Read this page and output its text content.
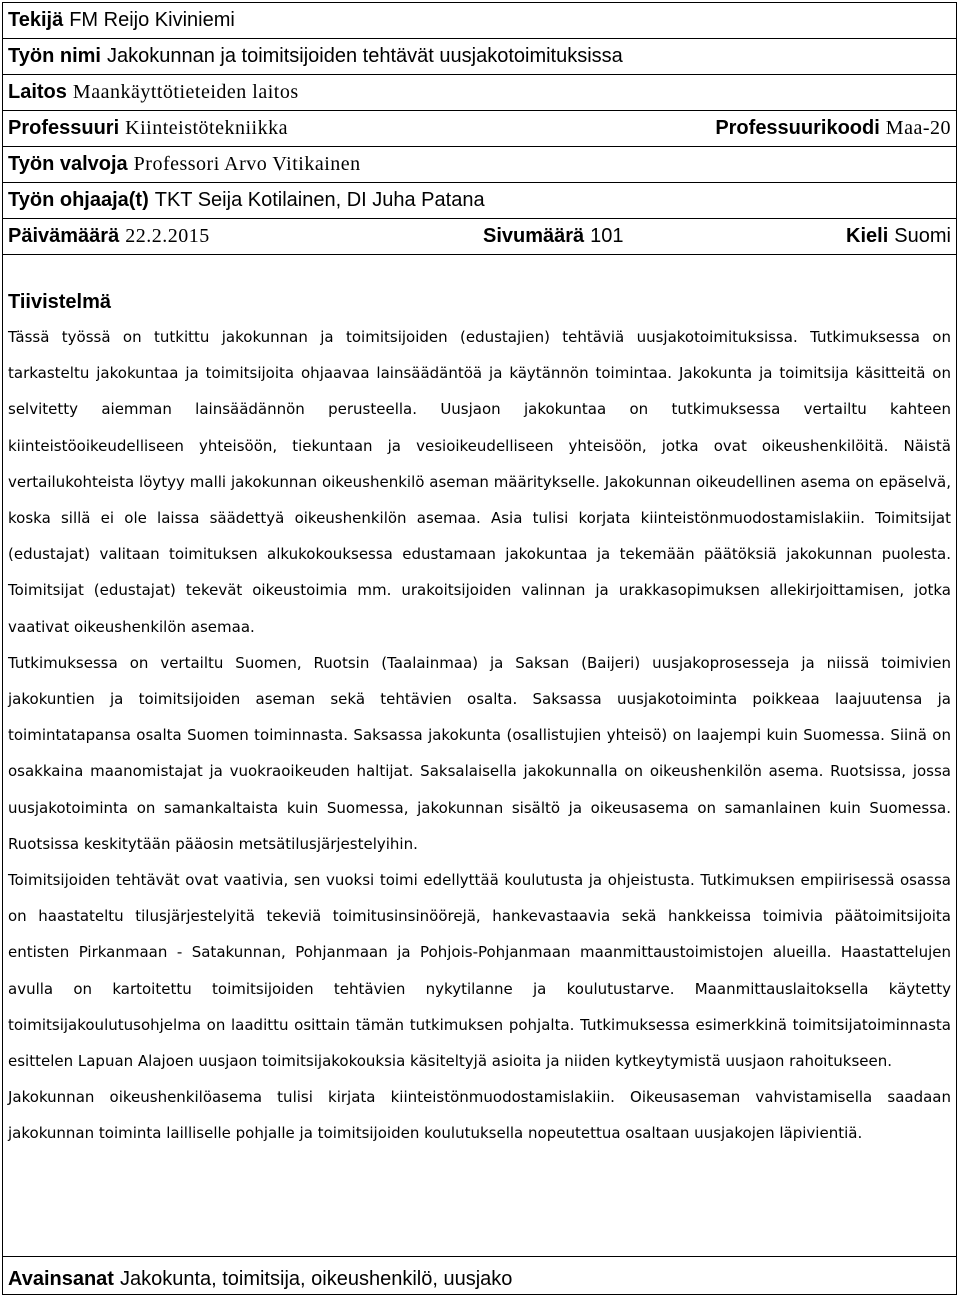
Tekijä FM Reijo Kiviniemi
Työn nimi Jakokunnan ja toimitsijoiden tehtävät uusjakotoimituksissa
Laitos Maankäyttötieteiden laitos
Professuuri Kiinteistötekniikka	Professuurikoodi Maa-20
Työn valvoja Professori Arvo Vitikainen
Työn ohjaaja(t) TKT Seija Kotilainen, DI Juha Patana
Päivämäärä 22.2.2015	Sivumäärä 101	Kieli Suomi
Tiivistelmä

Tässä työssä on tutkittu jakokunnan ja toimitsijoiden (edustajien) tehtäviä uusjakotoimituksissa. Tutkimuksessa on tarkasteltu jakokuntaa ja toimitsijoita ohjaavaa lainsäädäntöä ja käytännön toimintaa. Jakokunta ja toimitsija käsitteitä on selvitetty aiemman lainsäädännön perusteella. Uusjaon jakokuntaa on tutkimuksessa vertailtu kahteen kiinteistöoikeudelliseen yhteisöön, tiekuntaan ja vesioikeudelliseen yhteisöön, jotka ovat oikeushenkilöitä. Näistä vertailukohteista löytyy malli jakokunnan oikeushenkilö aseman määritykselle. Jakokunnan oikeudellinen asema on epäselvä, koska sillä ei ole laissa säädettyä oikeushenkilön asemaa. Asia tulisi korjata kiinteistönmuodostamislakiin. Toimitsijat (edustajat) valitaan toimituksen alkukokouksessa edustamaan jakokuntaa ja tekemään päätöksiä jakokunnan puolesta. Toimitsijat (edustajat) tekevät oikeustoimia mm. urakoitsijoiden valinnan ja urakkasopimuksen allekirjoittamisen, jotka vaativat oikeushenkilön asemaa.

Tutkimuksessa on vertailtu Suomen, Ruotsin (Taalainmaa) ja Saksan (Baijeri) uusjakoprosesseja ja niissä toimivien jakokuntien ja toimitsijoiden aseman sekä tehtävien osalta. Saksassa uusjakotoiminta poikkeaa laajuutensa ja toimintatapansa osalta Suomen toiminnasta. Saksassa jakokunta (osallistujien yhteisö) on laajempi kuin Suomessa. Siinä on osakkaina maanomistajat ja vuokraoikeuden haltijat. Saksalaisella jakokunnalla on oikeushenkilön asema. Ruotsissa, jossa uusjakotoiminta on samankaltaista kuin Suomessa, jakokunnan sisältö ja oikeusasema on samanlainen kuin Suomessa. Ruotsissa keskitytään pääosin metsätilusjärjestelyihin.

Toimitsijoiden tehtävät ovat vaativia, sen vuoksi toimi edellyttää koulutusta ja ohjeistusta. Tutkimuksen empiirisessä osassa on haastateltu tilusjärjestelyitä tekeviä toimitusinsinöörejä, hankevastaavia sekä hankkeissa toimivia päätoimitsijoita entisten Pirkanmaan - Satakunnan, Pohjanmaan ja Pohjois-Pohjanmaan maanmittaustoimistojen alueilla. Haastattelujen avulla on kartoitettu toimitsijoiden tehtävien nykytilanne ja koulutustarve. Maanmittauslaitoksella käytetty toimitsijakoulutusohjelma on laadittu osittain tämän tutkimuksen pohjalta. Tutkimuksessa esimerkkinä toimitsijatoiminnasta esittelen Lapuan Alajoen uusjaon toimitsijakokouksia käsiteltyjä asioita ja niiden kytkeytymistä uusjaon rahoitukseen.

Jakokunnan oikeushenkilöasema tulisi kirjata kiinteistönmuodostamislakiin. Oikeusaseman vahvistamisella saadaan jakokunnan toiminta lailliselle pohjalle ja toimitsijoiden koulutuksella nopeutettua osaltaan uusjakojen läpivientiä.

Avainsanat Jakokunta, toimitsija, oikeushenkilö, uusjako
